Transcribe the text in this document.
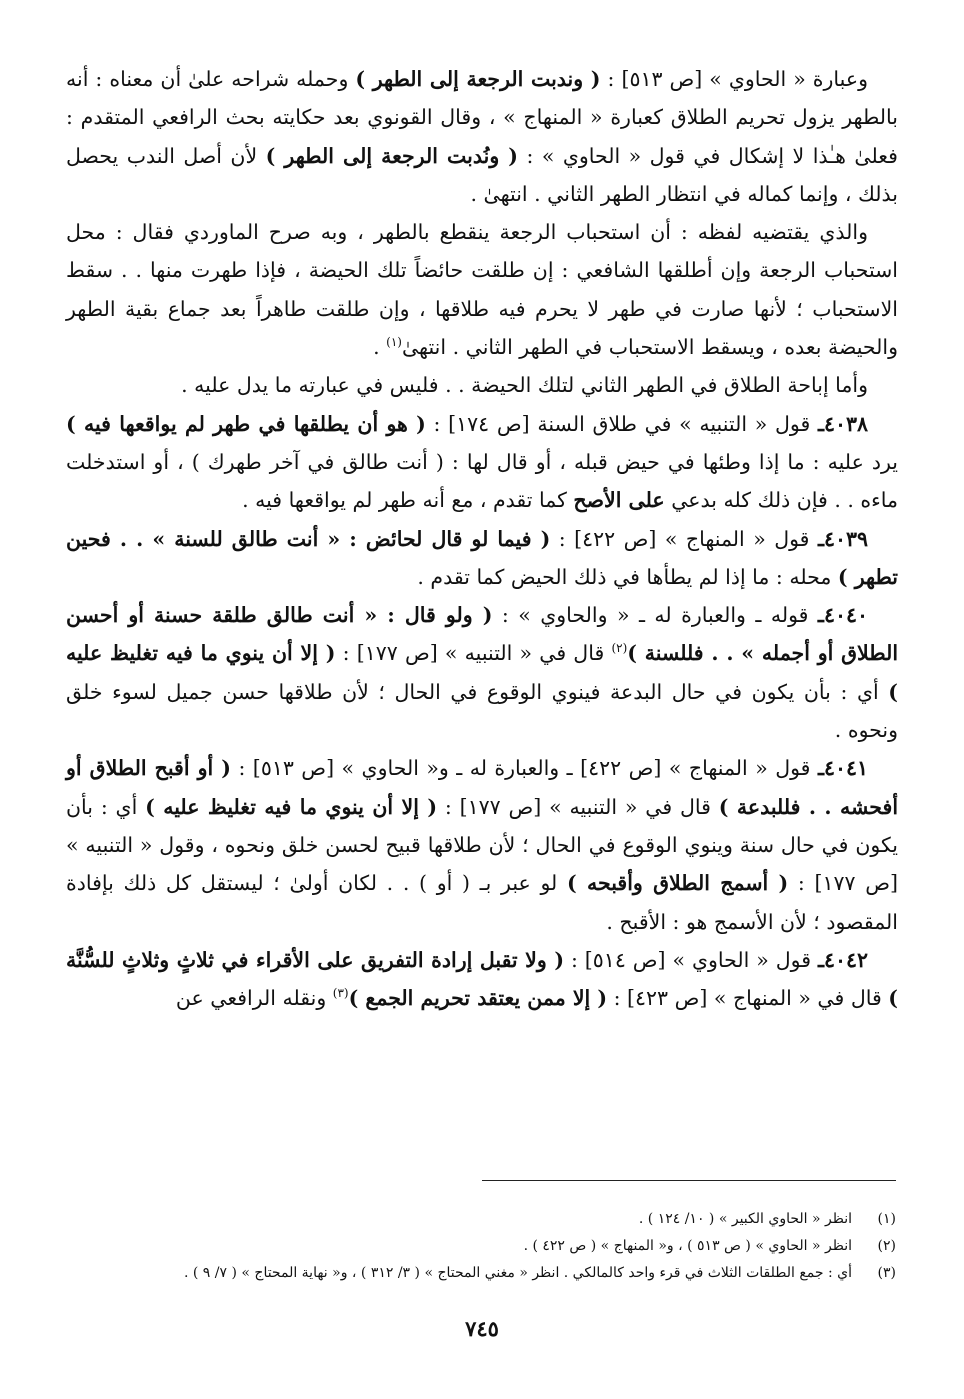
وعبارة « الحاوي » [ص ٥١٣] : ( وندبت الرجعة إلى الطهر ) وحمله شراحه علىٰ أن معناه : أنه بالطهر يزول تحريم الطلاق كعبارة « المنهاج » ، وقال القونوي بعد حكايته بحث الرافعي المتقدم : فعلىٰ هـٰذا لا إشكال في قول « الحاوي » : ( ونُدبت الرجعة إلى الطهر ) لأن أصل الندب يحصل بذلك ، وإنما كماله في انتظار الطهر الثاني . انتهىٰ .

والذي يقتضيه لفظه : أن استحباب الرجعة ينقطع بالطهر ، وبه صرح الماوردي فقال : محل استحباب الرجعة وإن أطلقها الشافعي : إن طلقت حائضاً تلك الحيضة ، فإذا طهرت منها . . سقط الاستحباب ؛ لأنها صارت في طهر لا يحرم فيه طلاقها ، وإن طلقت طاهراً بعد جماع بقية الطهر والحيضة بعده ، ويسقط الاستحباب في الطهر الثاني . انتهىٰ$^{(١)}$ .

وأما إباحة الطلاق في الطهر الثاني لتلك الحيضة . . فليس في عبارته ما يدل عليه .

٤٠٣٨ـ قول « التنبيه » في طلاق السنة [ص ١٧٤] : ( هو أن يطلقها في طهر لم يواقعها فيه ) يرد عليه : ما إذا وطئها في حيض قبله ، أو قال لها : ( أنت طالق في آخر طهرك ) ، أو استدخلت ماءه . . فإن ذلك كله بدعي على الأصح كما تقدم ، مع أنه طهر لم يواقعها فيه .

٤٠٣٩ـ قول « المنهاج » [ص ٤٢٢] : ( فيما لو قال لحائض : « أنت طالق للسنة » . . فحين تطهر ) محله : ما إذا لم يطأها في ذلك الحيض كما تقدم .

٤٠٤٠ـ قوله ـ والعبارة له ـ « والحاوي » : ( ولو قال : « أنت طالق طلقة حسنة أو أحسن الطلاق أو أجمله » . . فللسنة )$^{(٢)}$ قال في « التنبيه » [ص ١٧٧] : ( إلا أن ينوي ما فيه تغليظ عليه ) أي : بأن يكون في حال البدعة فينوي الوقوع في الحال ؛ لأن طلاقها حسن جميل لسوء خلق ونحوه .

٤٠٤١ـ قول « المنهاج » [ص ٤٢٢] ـ والعبارة له ـ و« الحاوي » [ص ٥١٣] : ( أو أقبح الطلاق أو أفحشه . . فللبدعة ) قال في « التنبيه » [ص ١٧٧] : ( إلا أن ينوي ما فيه تغليظ عليه ) أي : بأن يكون في حال سنة وينوي الوقوع في الحال ؛ لأن طلاقها قبيح لحسن خلق ونحوه ، وقول « التنبيه » [ص ١٧٧] : ( أسمج الطلاق وأقبحه ) لو عبر بـ ( أو ) . . لكان أولىٰ ؛ ليستقل كل ذلك بإفادة المقصود ؛ لأن الأسمج هو : الأقبح .

٤٠٤٢ـ قول « الحاوي » [ص ٥١٤] : ( ولا تقبل إرادة التفريق على الأقراء في ثلاثٍ وثلاثٍ للسُّنَّة ) قال في « المنهاج » [ص ٤٢٣] : ( إلا ممن يعتقد تحريم الجمع )$^{(٣)}$ ونقله الرافعي عن

(١)
انظر « الحاوي الكبير » ( ١٠/ ١٢٤ ) .
(٢)
انظر « الحاوي » ( ص ٥١٣ ) ، و« المنهاج » ( ص ٤٢٢ ) .
(٣)
أي : جمع الطلقات الثلاث في قرء واحد كالمالكي . انظر « مغني المحتاج » ( ٣/ ٣١٢ ) ، و« نهاية المحتاج » ( ٧/ ٩ ) .
٧٤٥
